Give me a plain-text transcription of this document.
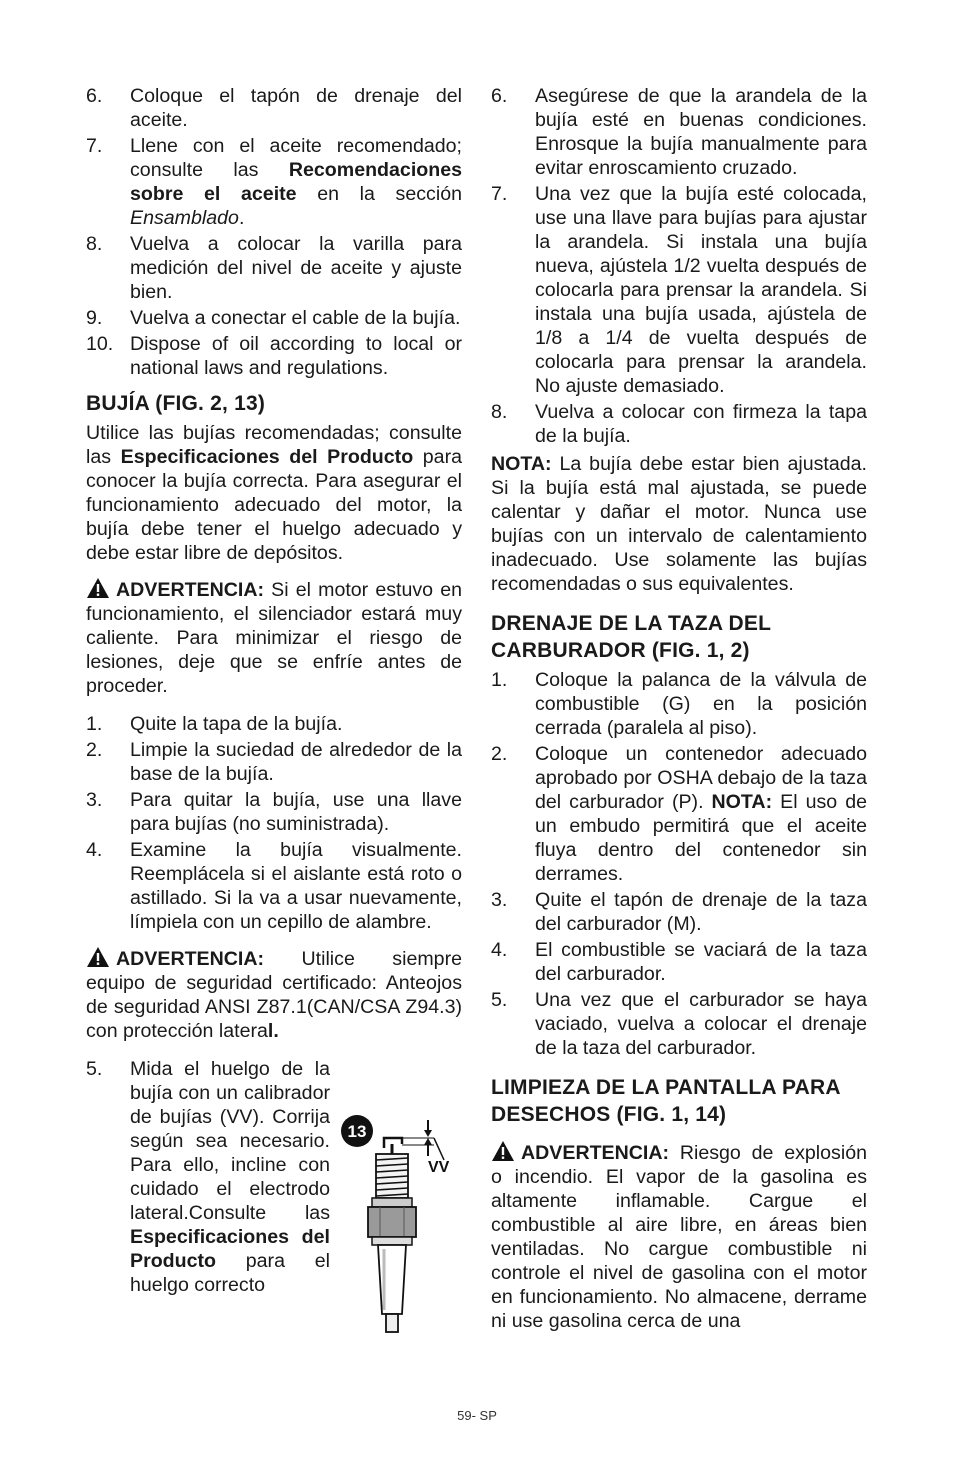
6.	Coloque el tapón de drenaje del aceite.
7.	Llene con el aceite recomendado; consulte las Recomendaciones sobre el aceite en la sección Ensamblado.
8.	Vuelva a colocar la varilla para medición del nivel de aceite y ajuste bien.
9.	Vuelva a conectar el cable de la bujía.
10. Dispose of oil according to local or national laws and regulations.
BUJÍA (FIG. 2, 13)
Utilice las bujías recomendadas; consulte las Especificaciones del Producto para conocer la bujía correcta. Para asegurar el funcionamiento adecuado del motor, la bujía debe tener el huelgo adecuado y debe estar libre de depósitos.
ADVERTENCIA: Si el motor estuvo en funcionamiento, el silenciador estará muy caliente. Para minimizar el riesgo de lesiones, deje que se enfríe antes de proceder.
1.	Quite la tapa de la bujía.
2.	Limpie la suciedad de alrededor de la base de la bujía.
3.	Para quitar la bujía, use una llave para bujías (no suministrada).
4.	Examine la bujía visualmente. Reemplácela si el aislante está roto o astillado. Si la va a usar nuevamente, límpiela con un cepillo de alambre.
ADVERTENCIA: Utilice siempre equipo de seguridad certificado: Anteojos de seguridad ANSI Z87.1(CAN/CSA Z94.3) con protección lateral.
5.	Mida el huelgo de la bujía con un calibrador de bujías (VV). Corrija según sea necesario. Para ello, incline con cuidado el electrodo lateral.Consulte las Especificaciones del Producto para el huelgo correcto
13
VV
6.	Asegúrese de que la arandela de la bujía esté en buenas condiciones. Enrosque la bujía manualmente para evitar enroscamiento cruzado.
7.	Una vez que la bujía esté colocada, use una llave para bujías para ajustar la arandela. Si instala una bujía nueva, ajústela 1/2 vuelta después de colocarla para prensar la arandela. Si instala una bujía usada, ajústela de 1/8 a 1/4 de vuelta después de colocarla para prensar la arandela. No ajuste demasiado.
8.	Vuelva a colocar con firmeza la tapa de la bujía.
NOTA: La bujía debe estar bien ajustada. Si la bujía está mal ajustada, se puede calentar y dañar el motor. Nunca use bujías con un intervalo de calentamiento inadecuado. Use solamente las bujías recomendadas o sus equivalentes.
DRENAJE DE LA TAZA DEL CARBURADOR (FIG. 1, 2)
1.	Coloque la palanca de la válvula de combustible (G) en la posición cerrada (paralela al piso).
2.	Coloque un contenedor adecuado aprobado por OSHA debajo de la taza del carburador (P). NOTA: El uso de un embudo permitirá que el aceite fluya dentro del contenedor sin derrames.
3.	Quite el tapón de drenaje de la taza del carburador (M).
4.	El combustible se vaciará de la taza del carburador.
5.	Una vez que el carburador se haya vaciado, vuelva a colocar el drenaje de la taza del carburador.
LIMPIEZA DE LA PANTALLA PARA DESECHOS (FIG. 1, 14)
ADVERTENCIA: Riesgo de explosión o incendio. El vapor de la gasolina es altamente inflamable. Cargue el combustible al aire libre, en áreas bien ventiladas. No cargue combustible ni controle el nivel de gasolina con el motor en funcionamiento. No almacene, derrame ni use gasolina cerca de una
59- SP
